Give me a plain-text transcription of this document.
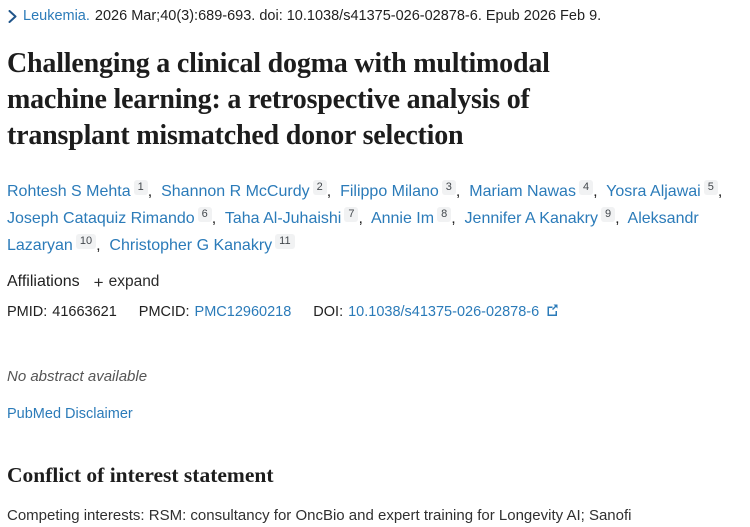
Leukemia. 2026 Mar;40(3):689-693. doi: 10.1038/s41375-026-02878-6. Epub 2026 Feb 9.
Challenging a clinical dogma with multimodal machine learning: a retrospective analysis of transplant mismatched donor selection
Rohtesh S Mehta 1 ,  Shannon R McCurdy 2 ,  Filippo Milano 3 ,  Mariam Nawas 4 ,  Yosra Aljawai 5 ,  Joseph Cataquiz Rimando 6 ,  Taha Al-Juhaishi 7 ,  Annie Im 8 ,  Jennifer A Kanakry 9 ,  Aleksandr Lazaryan 10 ,  Christopher G Kanakry 11
Affiliations + expand
PMID: 41663621 PMCID: PMC12960218 DOI: 10.1038/s41375-026-02878-6
No abstract available
PubMed Disclaimer
Conflict of interest statement

Competing interests: RSM: consultancy for OncBio and expert training for Longevity AI; Sanofi
